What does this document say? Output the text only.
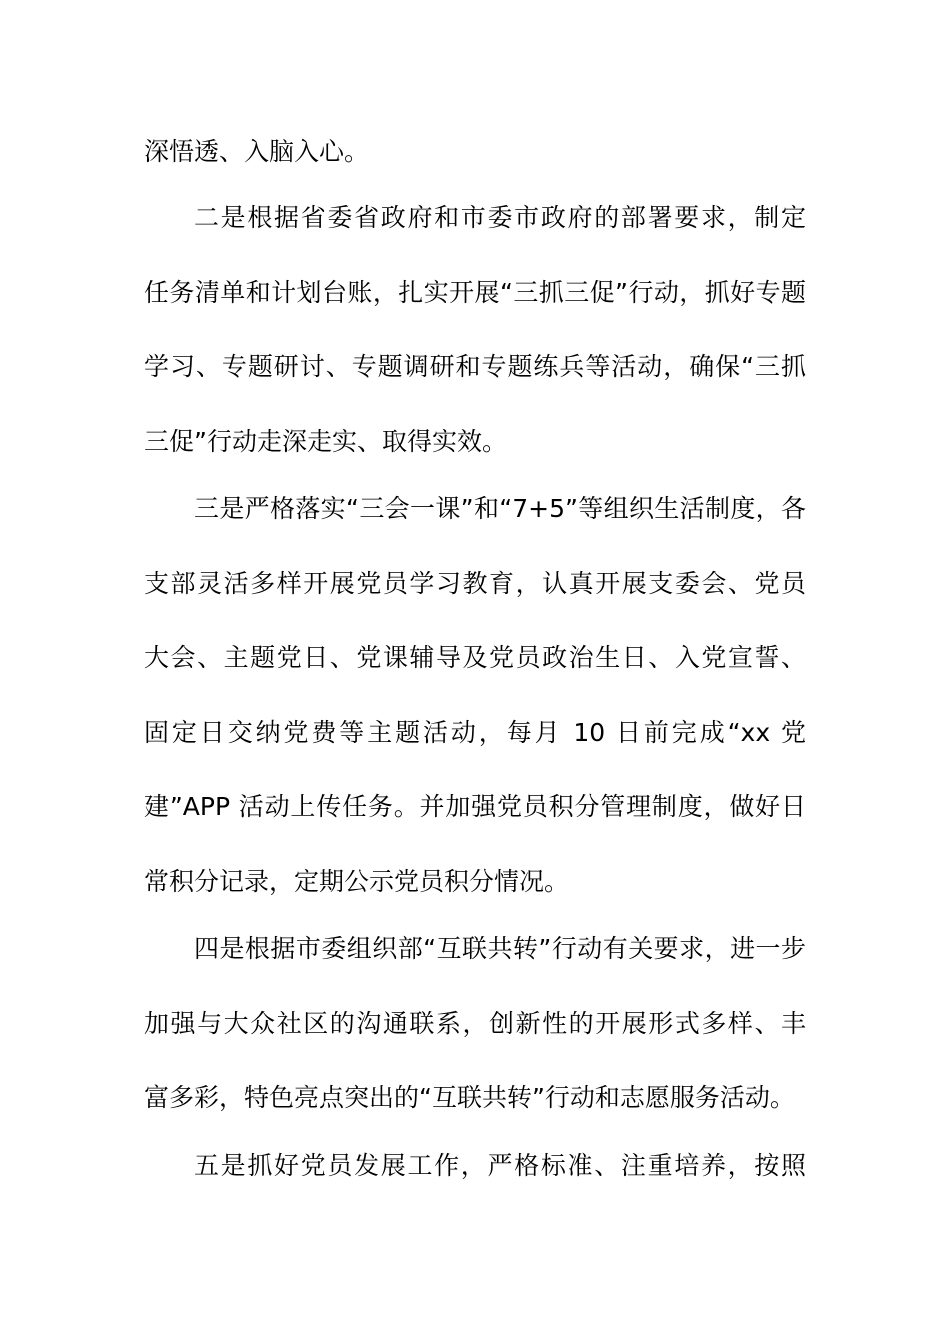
深悟透、入脑入心。

二是根据省委省政府和市委市政府的部署要求，制定

任务清单和计划台账，扎实开展“三抓三促”行动，抓好专题

学习、专题研讨、专题调研和专题练兵等活动，确保“三抓

三促”行动走深走实、取得实效。

三是严格落实“三会一课”和“7+5”等组织生活制度，各

支部灵活多样开展党员学习教育，认真开展支委会、党员

大会、主题党日、党课辅导及党员政治生日、入党宣誓、

固定日交纳党费等主题活动，每月 10 日前完成“xx 党

建”APP 活动上传任务。并加强党员积分管理制度，做好日

常积分记录，定期公示党员积分情况。

四是根据市委组织部“互联共转”行动有关要求，进一步

加强与大众社区的沟通联系，创新性的开展形式多样、丰

富多彩，特色亮点突出的“互联共转”行动和志愿服务活动。

五是抓好党员发展工作，严格标准、注重培养，按照
